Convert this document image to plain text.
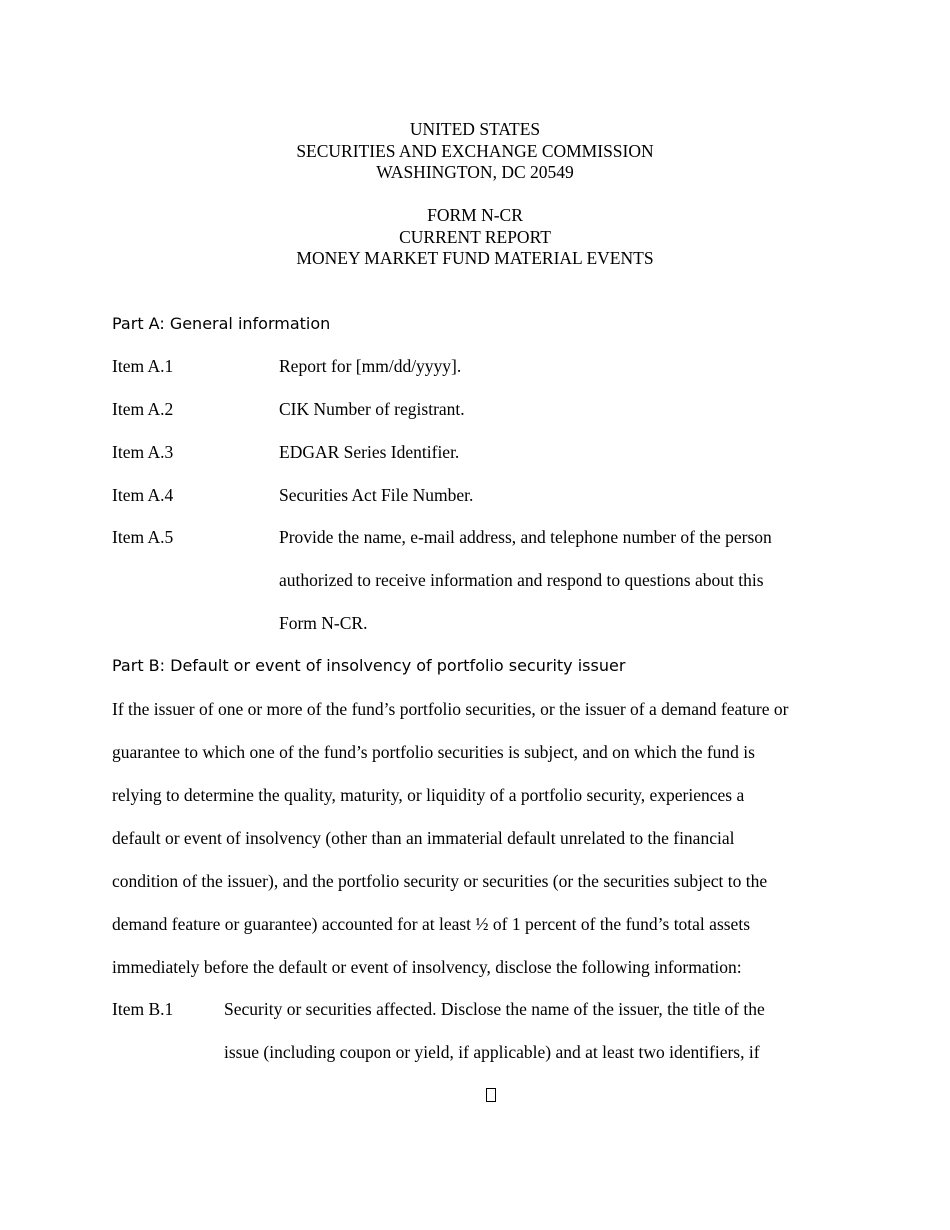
UNITED STATES
SECURITIES AND EXCHANGE COMMISSION
WASHINGTON, DC 20549
FORM N-CR
CURRENT REPORT
MONEY MARKET FUND MATERIAL EVENTS
Part A: General information
Item A.1	Report for [mm/dd/yyyy].
Item A.2	CIK Number of registrant.
Item A.3	EDGAR Series Identifier.
Item A.4	Securities Act File Number.
Item A.5	Provide the name, e-mail address, and telephone number of the person
authorized to receive information and respond to questions about this
Form N-CR.
Part B: Default or event of insolvency of portfolio security issuer
If the issuer of one or more of the fund’s portfolio securities, or the issuer of a demand feature or
guarantee to which one of the fund’s portfolio securities is subject, and on which the fund is
relying to determine the quality, maturity, or liquidity of a portfolio security, experiences a
default or event of insolvency (other than an immaterial default unrelated to the financial
condition of the issuer), and the portfolio security or securities (or the securities subject to the
demand feature or guarantee) accounted for at least ½ of 1 percent of the fund’s total assets
immediately before the default or event of insolvency, disclose the following information:
Item B.1	Security or securities affected. Disclose the name of the issuer, the title of the
issue (including coupon or yield, if applicable) and at least two identifiers, if
